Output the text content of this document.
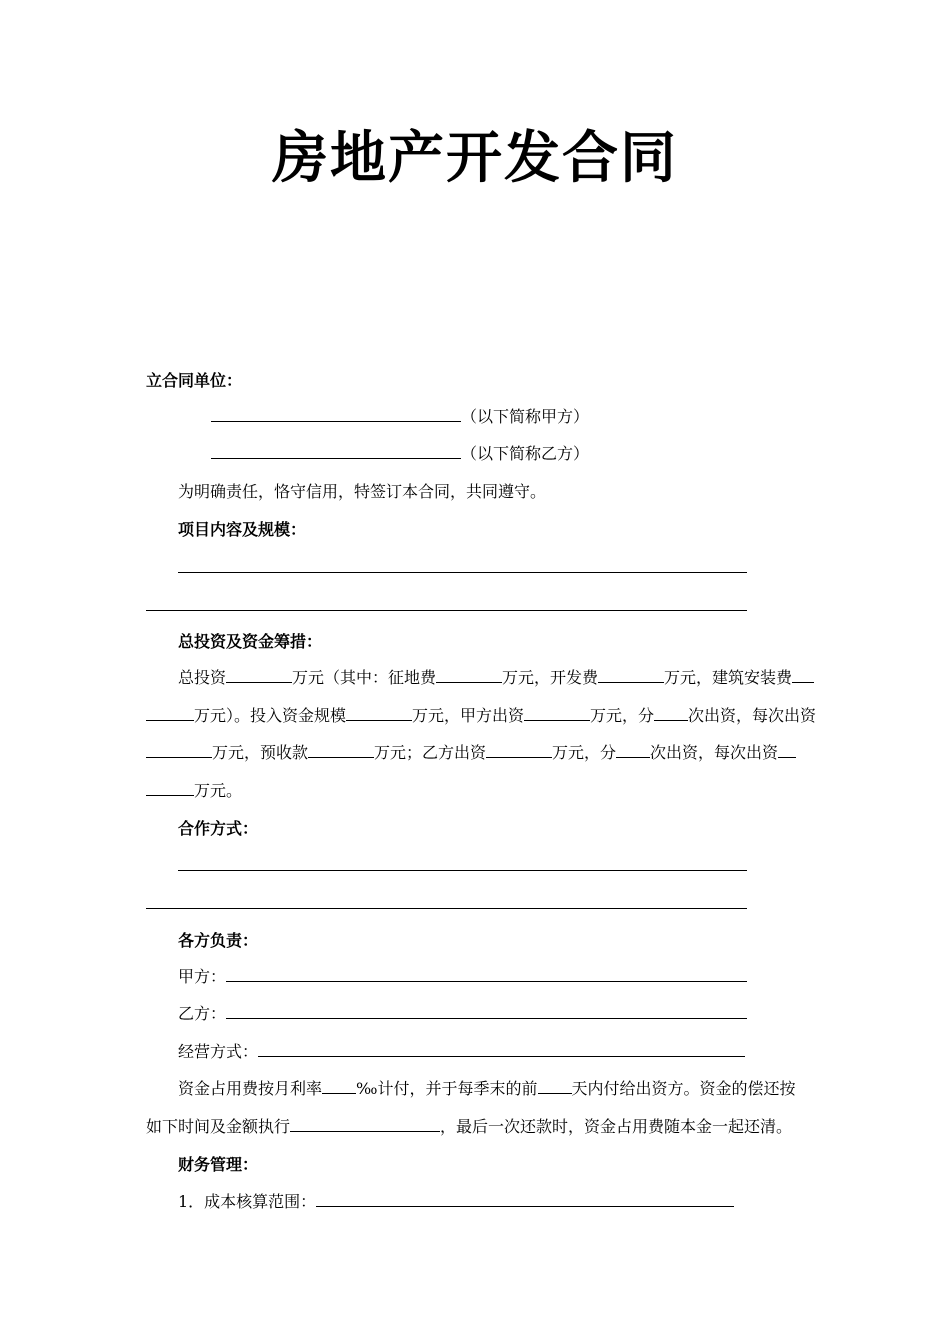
房地产开发合同
立合同单位：
（以下简称甲方）
（以下简称乙方）
为明确责任，恪守信用，特签订本合同，共同遵守。
项目内容及规模：
总投资及资金筹措：
总投资	万元（其中：征地费	万元，开发费	万元，建筑安装费
万元）。投入资金规模	万元，甲方出资	万元，分 次出资，每次出资
万元，预收款	万元；乙方出资	万元，分 次出资，每次出资
万元。
合作方式：
各方负责：
甲方：
乙方：
经营方式：
资金占用费按月利率 ‰计付，并于每季末的前 天内付给出资方。资金的偿还按
如下时间及金额执行	，最后一次还款时，资金占用费随本金一起还清。
财务管理：
1．成本核算范围：
